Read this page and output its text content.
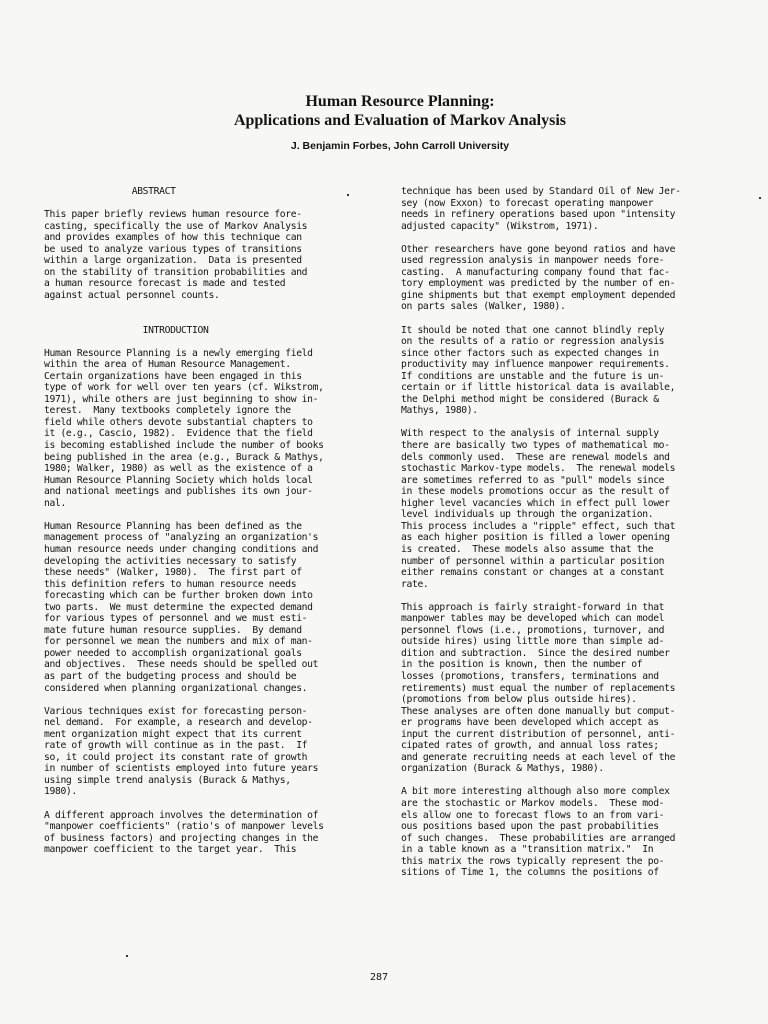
Human Resource Planning:

Applications and Evaluation of Markov Analysis

J. Benjamin Forbes, John Carroll University

ABSTRACT

This paper briefly reviews human resource fore-
casting, specifically the use of Markov Analysis
and provides examples of how this technique can
be used to analyze various types of transitions
within a large organization.  Data is presented
on the stability of transition probabilities and
a human resource forecast is made and tested
against actual personnel counts.

INTRODUCTION

Human Resource Planning is a newly emerging field
within the area of Human Resource Management.
Certain organizations have been engaged in this
type of work for well over ten years (cf. Wikstrom,
1971), while others are just beginning to show in-
terest.  Many textbooks completely ignore the
field while others devote substantial chapters to
it (e.g., Cascio, 1982).  Evidence that the field
is becoming established include the number of books
being published in the area (e.g., Burack & Mathys,
1980; Walker, 1980) as well as the existence of a
Human Resource Planning Society which holds local
and national meetings and publishes its own jour-
nal.

Human Resource Planning has been defined as the
management process of "analyzing an organization's
human resource needs under changing conditions and
developing the activities necessary to satisfy
these needs" (Walker, 1980).  The first part of
this definition refers to human resource needs
forecasting which can be further broken down into
two parts.  We must determine the expected demand
for various types of personnel and we must esti-
mate future human resource supplies.  By demand
for personnel we mean the numbers and mix of man-
power needed to accomplish organizational goals
and objectives.  These needs should be spelled out
as part of the budgeting process and should be
considered when planning organizational changes.

Various techniques exist for forecasting person-
nel demand.  For example, a research and develop-
ment organization might expect that its current
rate of growth will continue as in the past.  If
so, it could project its constant rate of growth
in number of scientists employed into future years
using simple trend analysis (Burack & Mathys,
1980).

A different approach involves the determination of
"manpower coefficients" (ratio's of manpower levels
of business factors) and projecting changes in the
manpower coefficient to the target year.  This

technique has been used by Standard Oil of New Jer-
sey (now Exxon) to forecast operating manpower
needs in refinery operations based upon "intensity
adjusted capacity" (Wikstrom, 1971).

Other researchers have gone beyond ratios and have
used regression analysis in manpower needs fore-
casting.  A manufacturing company found that fac-
tory employment was predicted by the number of en-
gine shipments but that exempt employment depended
on parts sales (Walker, 1980).

It should be noted that one cannot blindly reply
on the results of a ratio or regression analysis
since other factors such as expected changes in
productivity may influence manpower requirements.
If conditions are unstable and the future is un-
certain or if little historical data is available,
the Delphi method might be considered (Burack &
Mathys, 1980).

With respect to the analysis of internal supply
there are basically two types of mathematical mo-
dels commonly used.  These are renewal models and
stochastic Markov-type models.  The renewal models
are sometimes referred to as "pull" models since
in these models promotions occur as the result of
higher level vacancies which in effect pull lower
level individuals up through the organization.
This process includes a "ripple" effect, such that
as each higher position is filled a lower opening
is created.  These models also assume that the
number of personnel within a particular position
either remains constant or changes at a constant
rate.

This approach is fairly straight-forward in that
manpower tables may be developed which can model
personnel flows (i.e., promotions, turnover, and
outside hires) using little more than simple ad-
dition and subtraction.  Since the desired number
in the position is known, then the number of
losses (promotions, transfers, terminations and
retirements) must equal the number of replacements
(promotions from below plus outside hires).
These analyses are often done manually but comput-
er programs have been developed which accept as
input the current distribution of personnel, anti-
cipated rates of growth, and annual loss rates;
and generate recruiting needs at each level of the
organization (Burack & Mathys, 1980).

A bit more interesting although also more complex
are the stochastic or Markov models.  These mod-
els allow one to forecast flows to an from vari-
ous positions based upon the past probabilities
of such changes.  These probabilities are arranged
in a table known as a "transition matrix."  In
this matrix the rows typically represent the po-
sitions of Time 1, the columns the positions of

287
